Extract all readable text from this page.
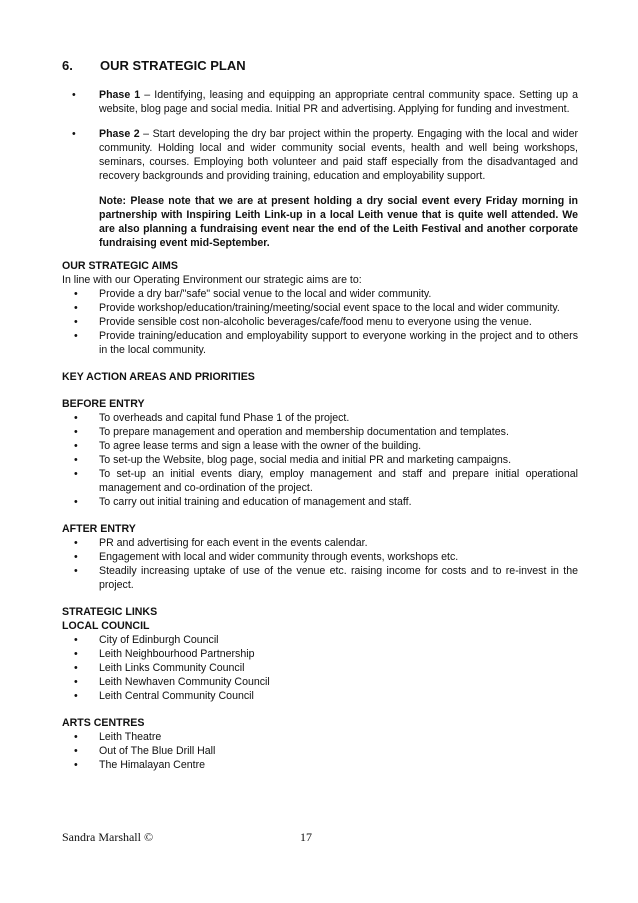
6.	OUR STRATEGIC PLAN
•	Phase 1 – Identifying, leasing and equipping an appropriate central community space. Setting up a website, blog page and social media. Initial PR and advertising. Applying for funding and investment.
•	Phase 2 – Start developing the dry bar project within the property. Engaging with the local and wider community. Holding local and wider community social events, health and well being workshops, seminars, courses. Employing both volunteer and paid staff especially from the disadvantaged and recovery backgrounds and providing training, education and employability support.
Note: Please note that we are at present holding a dry social event every Friday morning in partnership with Inspiring Leith Link-up in a local Leith venue that is quite well attended. We are also planning a fundraising event near the end of the Leith Festival and another corporate fundraising event mid-September.
OUR STRATEGIC AIMS
In line with our Operating Environment our strategic aims are to:
•	Provide a dry bar/"safe" social venue to the local and wider community.
•	Provide workshop/education/training/meeting/social event space to the local and wider community.
•	Provide sensible cost non-alcoholic beverages/cafe/food menu to everyone using the venue.
•	Provide training/education and employability support to everyone working in the project and to others in the local community.
KEY ACTION AREAS AND PRIORITIES
BEFORE ENTRY
•	To overheads and capital fund Phase 1 of the project.
•	To prepare management and operation and membership documentation and templates.
•	To agree lease terms and sign a lease with the owner of the building.
•	To set-up the Website, blog page, social media and initial PR and marketing campaigns.
•	To set-up an initial events diary, employ management and staff and prepare initial operational management and co-ordination of the project.
•	To carry out initial training and education of management and staff.
AFTER ENTRY
•	PR and advertising for each event in the events calendar.
•	Engagement with local and wider community through events, workshops etc.
•	Steadily increasing uptake of use of the venue etc. raising income for costs and to re-invest in the project.
STRATEGIC LINKS
LOCAL COUNCIL
•	City of Edinburgh Council
•	Leith Neighbourhood Partnership
•	Leith Links Community Council
•	Leith Newhaven Community Council
•	Leith Central Community Council
ARTS CENTRES
•	Leith Theatre
•	Out of The Blue Drill Hall
•	The Himalayan Centre
Sandra Marshall ©	17
